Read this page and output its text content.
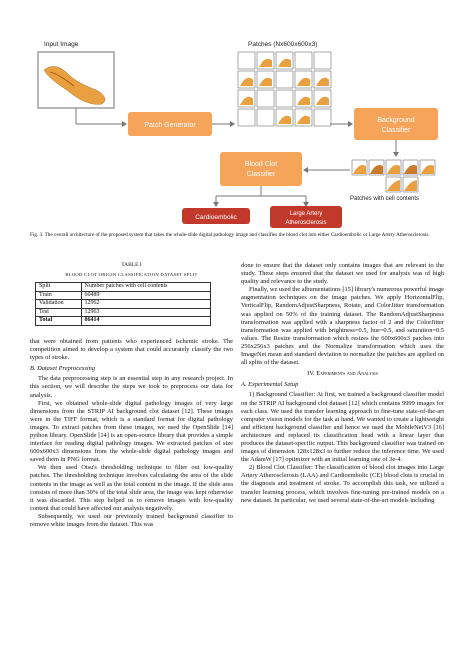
Input Image
Patch Generator
Patches (Nx600x600x3)
Background
Classifier
Patches with cell contents
Blood Clot
Classifier
Cardioembolic	Large Artery
Atherosclerosis
Fig. 3. The overall architecture of the proposed system that takes the whole-slide digital pathology image and classifies the blood clot into either Cardioembolic or Large Artery Atherosclerosis.
TABLE I
BLOOD CLOT ORIGIN CLASSIFICATION DATASET SPLIT
Split	Number patches with cell contents
Train	60489
Validation	12962
Test	12963
Total	86414

that were obtained from patients who experienced ischemic stroke. The competition aimed to develop a system that could accurately classify the two types of stroke.

B. Dataset Preprocessing

The data preprocessing step is an essential step in any research project. In this section, we will describe the steps we took to preprocess our data for analysis.

First, we obtained whole-slide digital pathology images of very large dimensions from the STRIP AI background clot dataset [12]. These images were in the TIFF format, which is a standard format for digital pathology images. To extract patches from these images, we used the OpenSlide [14] python library. OpenSlide [14] is an open-source library that provides a simple interface for reading digital pathology images. We extracted patches of size 600x600x3 dimensions from the whole-slide digital pathology images and saved them in PNG format.

We then used Otsu's thresholding technique to filter out low-quality patches. The thresholding technique involves calculating the area of the slide contents in the image as well as the total content in the image. If the slide area consists of more than 30% of the total slide area, the image was kept otherwise it was discarded. This step helped us to remove images with low-quality content that could have affected our analysis negatively.

Subsequently, we used our previously trained background classifier to remove white images from the dataset. This was

done to ensure that the dataset only contains images that are relevant to the study. These steps ensured that the dataset we used for analysis was of high quality and relevance to the study.

Finally, we used the albumentations [15] library's numerous powerful image augmentation techniques on the image patches. We apply HorizontalFlip, VerticalFlip, RandomAdjustSharpness, Rotate, and ColorJitter transformation was applied on 50% of the training dataset. The RandomAdjustSharpness transformation was applied with a sharpness factor of 2 and the ColorJitter transformation was applied with brightness=0.5, hue=0.5, and saturation=0.5 values. The Resize transformation which resizes the 600x600x3 patches into 256x256x3 patches and the Normalize transformation which uses the ImageNet mean and standard deviation to normalize the patches are applied on all splits of the dataset.

IV. Experiments and Analysis
A. Experimental Setup

1) Background Classifier: At first, we trained a background classifier model on the STRIP AI background clot dataset [12] which contains 9999 images for each class. We used the transfer learning approach to fine-tune state-of-the-art computer vision models for the task at hand. We wanted to create a lightweight and efficient background classifier and hence we used the MobileNetV3 [16] architecture and replaced its classification head with a linear layer that produces the dataset-specific output. This background classifier was trained on images of dimension 128x128x3 to further reduce the inference time. We used the AdamW [17] optimizer with an initial learning rate of 3e-4.

2) Blood Clot Classifier: The classification of blood clot images into Large Artery Atherosclerosis (LAA) and Cardioembolic (CE) blood clots is crucial in the diagnosis and treatment of stroke. To accomplish this task, we utilized a transfer learning process, which involves fine-tuning pre-trained models on a new dataset. In particular, we used several state-of-the-art models including
